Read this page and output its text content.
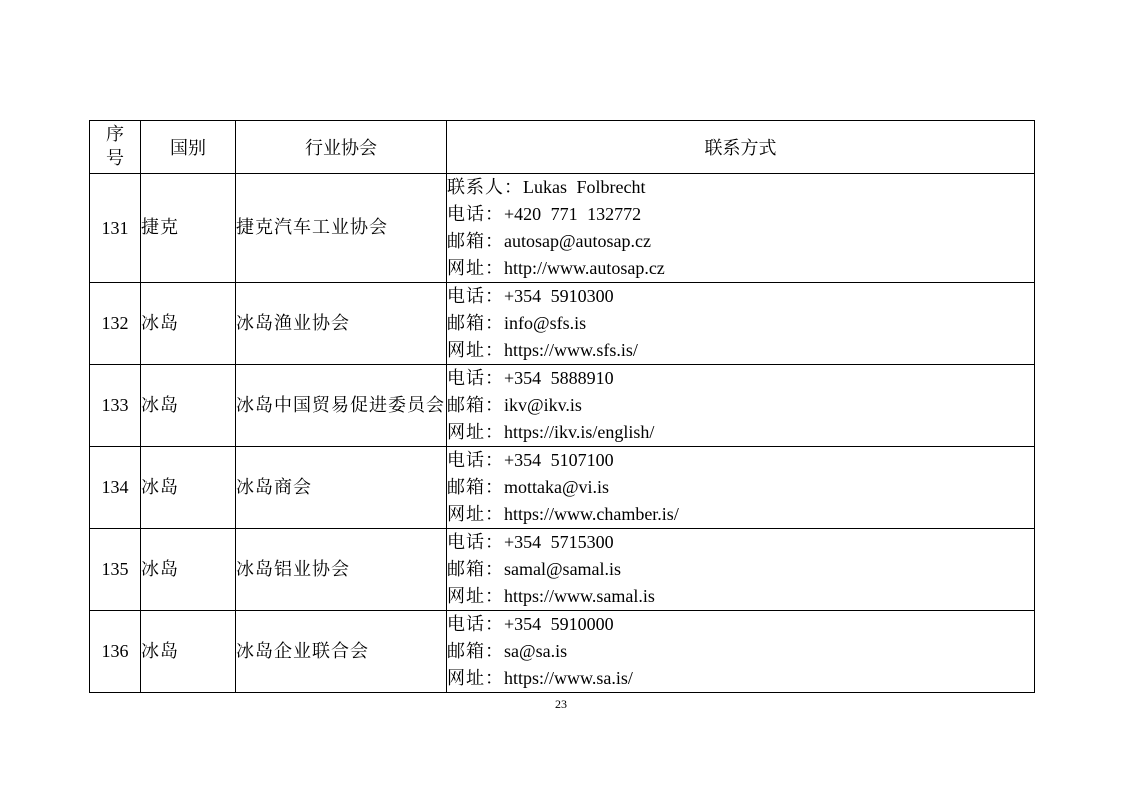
序
号	国别	行业协会	联系方式
131	捷克	捷克汽车工业协会	联系人：Lukas Folbrecht
电话：+420 771 132772
邮箱：autosap@autosap.cz
网址：http://www.autosap.cz

132	冰岛	冰岛渔业协会	电话：+354 5910300
邮箱：info@sfs.is
网址：https://www.sfs.is/

133	冰岛	冰岛中国贸易促进委员会	电话：+354 5888910
邮箱：ikv@ikv.is
网址：https://ikv.is/english/

134	冰岛	冰岛商会	电话：+354 5107100
邮箱：mottaka@vi.is
网址：https://www.chamber.is/

135	冰岛	冰岛铝业协会	电话：+354 5715300
邮箱：samal@samal.is
网址：https://www.samal.is

136	冰岛	冰岛企业联合会	电话：+354 5910000
邮箱：sa@sa.is
网址：https://www.sa.is/
23
